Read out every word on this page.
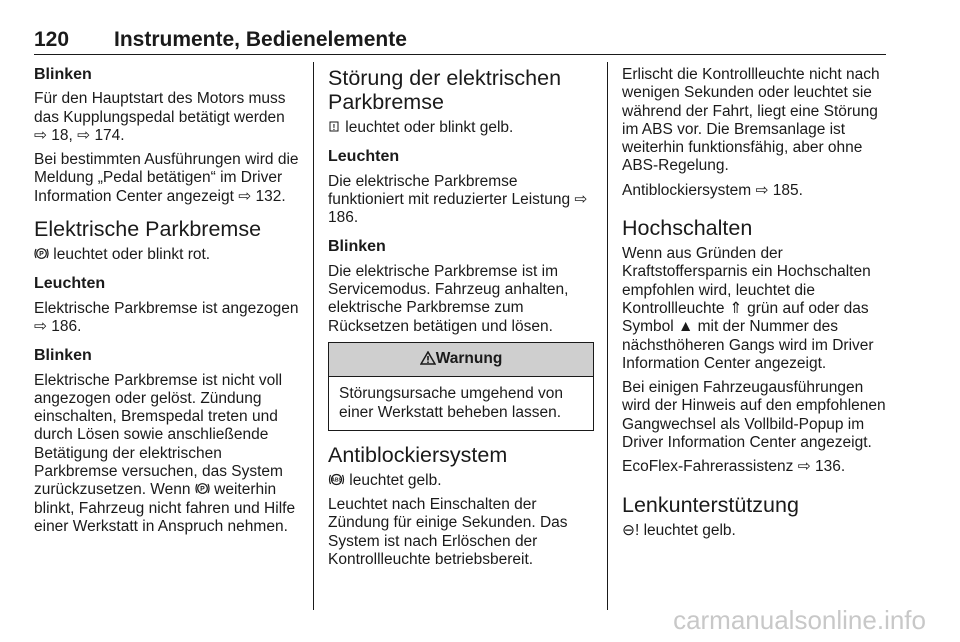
120 Instrumente, Bedienelemente
Blinken

Für den Hauptstart des Motors muss das Kupplungspedal betätigt werden ⇨ 18, ⇨ 174.

Bei bestimmten Ausführungen wird die Meldung „Pedal betätigen“ im Driver Information Center angezeigt ⇨ 132.

Elektrische Parkbremse

P leuchtet oder blinkt rot.

Leuchten

Elektrische Parkbremse ist angezogen ⇨ 186.

Blinken

Elektrische Parkbremse ist nicht voll angezogen oder gelöst. Zündung einschalten, Bremspedal treten und durch Lösen sowie anschließende Betätigung der elektrischen Parkbremse versuchen, das System zurückzusetzen. Wenn P weiterhin blinkt, Fahrzeug nicht fahren und Hilfe einer Werkstatt in Anspruch nehmen.

Störung der elektrischen Parkbremse

! leuchtet oder blinkt gelb.

Leuchten

Die elektrische Parkbremse funktioniert mit reduzierter Leistung ⇨ 186.

Blinken

Die elektrische Parkbremse ist im Servicemodus. Fahrzeug anhalten, elektrische Parkbremse zum Rücksetzen betätigen und lösen.

Warnung
Störungsursache umgehend von einer Werkstatt beheben lassen.
Antiblockiersystem

ABS leuchtet gelb.

Leuchtet nach Einschalten der Zündung für einige Sekunden. Das System ist nach Erlöschen der Kontrollleuchte betriebsbereit.

Erlischt die Kontrollleuchte nicht nach wenigen Sekunden oder leuchtet sie während der Fahrt, liegt eine Störung im ABS vor. Die Bremsanlage ist weiterhin funktionsfähig, aber ohne ABS-Regelung.

Antiblockiersystem ⇨ 185.

Hochschalten

Wenn aus Gründen der Kraftstoffersparnis ein Hochschalten empfohlen wird, leuchtet die Kontrollleuchte ⇑ grün auf oder das Symbol ▲ mit der Nummer des nächsthöheren Gangs wird im Driver Information Center angezeigt.

Bei einigen Fahrzeugausführungen wird der Hinweis auf den empfohlenen Gangwechsel als Vollbild-Popup im Driver Information Center angezeigt.

EcoFlex-Fahrerassistenz ⇨ 136.

Lenkunterstützung

⊖! leuchtet gelb.

carmanualsonline.info
